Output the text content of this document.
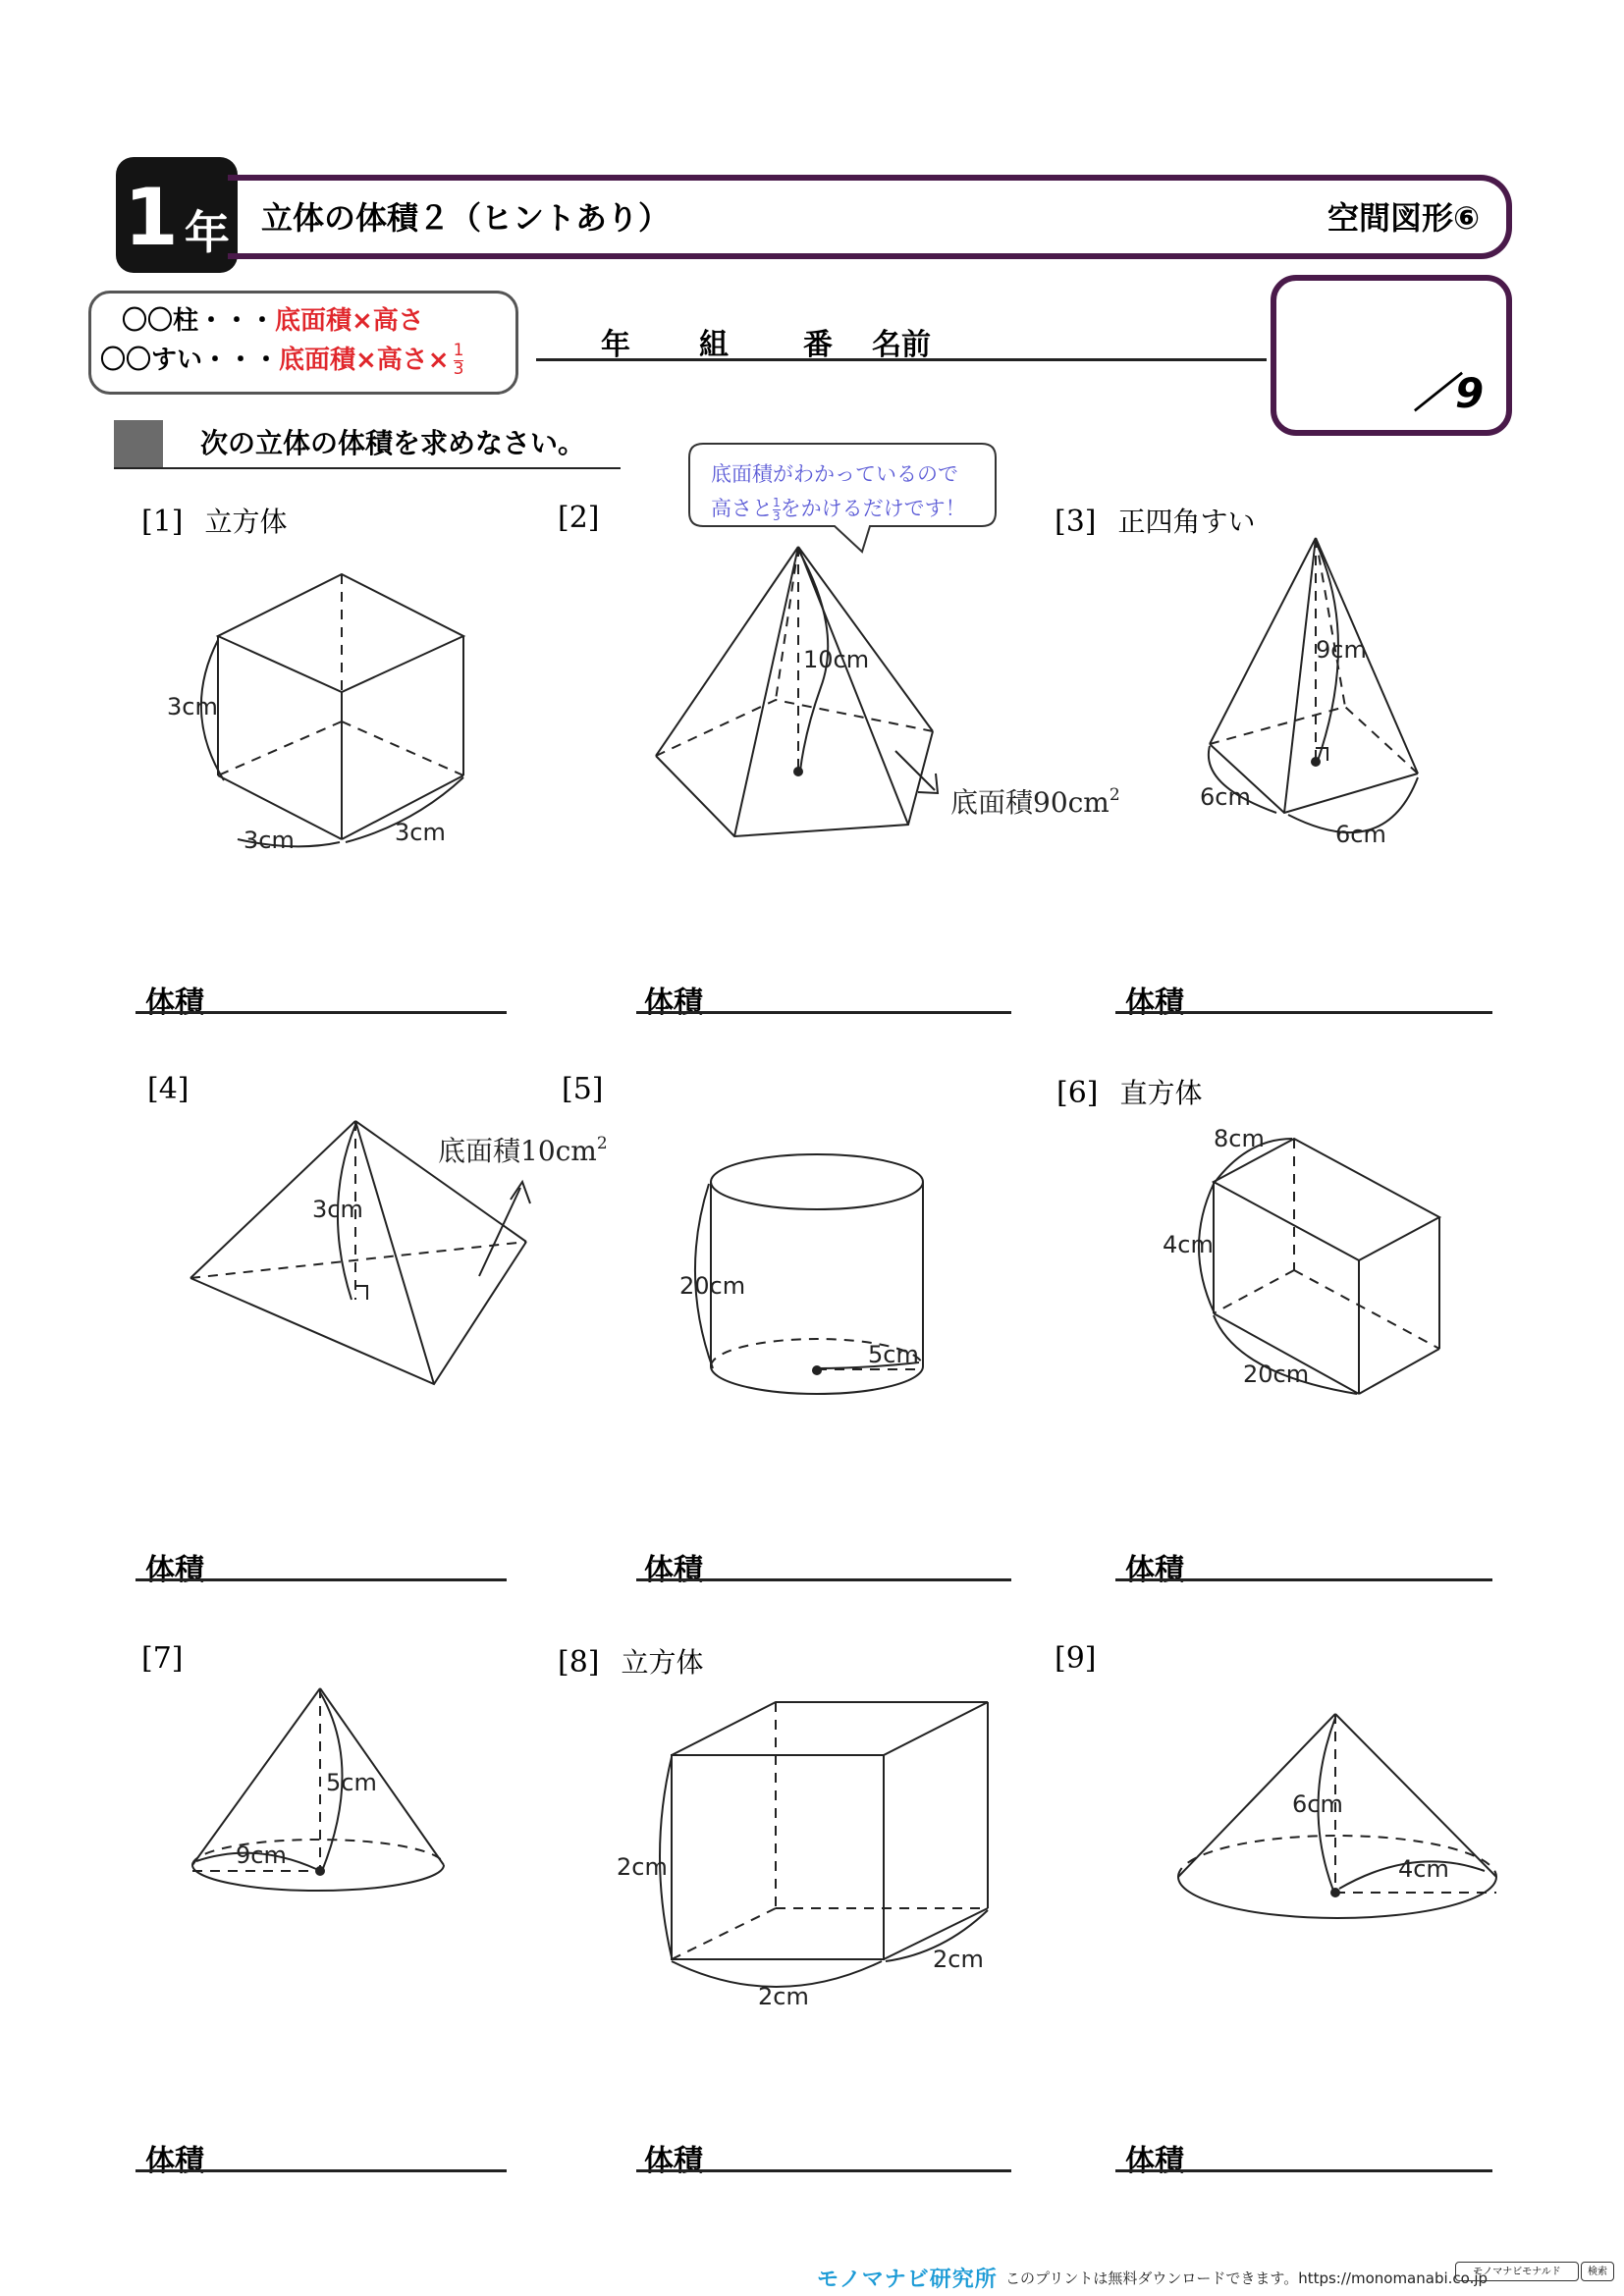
1 年 立体の体積２（ヒントあり）	空間図形⑥
〇〇柱・・・底面積×高さ
〇〇すい・・・底面積×高さ× $\frac{1}{3}$	年 組	番 名前
／9
次の立体の体積を求めなさい。
底面積がわかっているので
高さと$\frac{1}{3}$ をかけるだけです！
[1] 立方体	[2]	[3] 正四角すい
[4]	[5]	[6] 直方体
[7]	[8] 立方体	[9]
3cm
3cm	3cm
10cm
底面積$90cm^2$
9cm
6cm
6cm
3cm
底面積$10cm^2$
20cm
5cm
8cm
4cm
20cm
5cm
9cm	2cm
2cm
2cm
6cm
4cm
体積	体積	体積
体積	体積	体積
体積	体積	体積
モノマナビ研究所 このプリントは無料ダウンロードできます。https://monomanabi.co.jp
モノマナビモナルド	検索
